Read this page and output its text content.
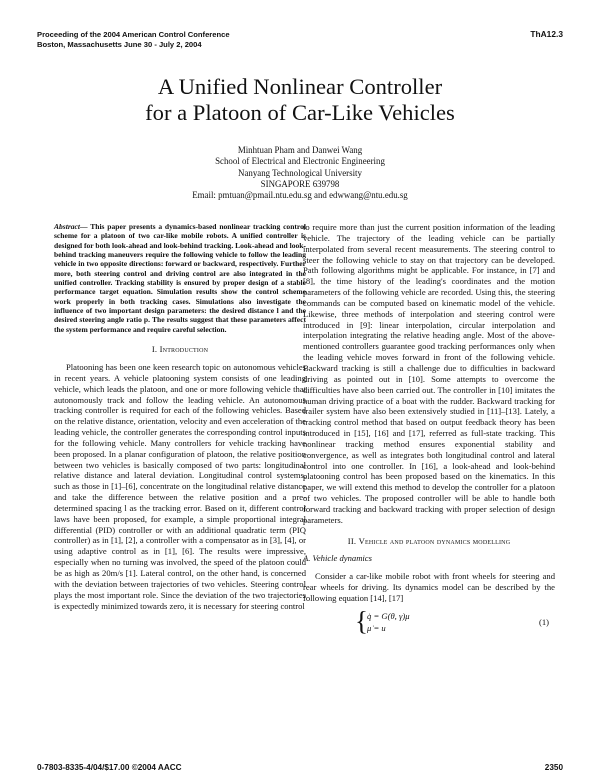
Proceeding of the 2004 American Control Conference
Boston, Massachusetts June 30 - July 2, 2004
ThA12.3
A Unified Nonlinear Controller
for a Platoon of Car-Like Vehicles
Minhtuan Pham and Danwei Wang
School of Electrical and Electronic Engineering
Nanyang Technological University
SINGAPORE 639798
Email: pmtuan@pmail.ntu.edu.sg and edwwang@ntu.edu.sg
Abstract— This paper presents a dynamics-based nonlinear tracking control scheme for a platoon of two car-like mobile robots. A unified controller is designed for both look-ahead and look-behind tracking. Look-ahead and look-behind tracking maneuvers require the following vehicle to follow the leading vehicle in two opposite directions: forward or backward, respectively. Further more, both steering control and driving control are also integrated in the unified controller. Tracking stability is ensured by proper design of a stable performance target equation. Simulation results show the control scheme work properly in both tracking cases. Simulations also investigate the influence of two important design parameters: the desired distance l and the desired steering angle ratio p. The results suggest that these parameters affect the system performance and require careful selection.
I. Introduction

Platooning has been one keen research topic on autonomous vehicles in recent years. A vehicle platooning system consists of one leading vehicle, which leads the platoon, and one or more following vehicle that autonomously track and follow the leading vehicle. An autonomous tracking controller is required for each of the following vehicles. Based on the relative distance, orientation, velocity and even acceleration of the leading vehicle, the controller generates the corresponding control inputs for the following vehicle. Many controllers for vehicle tracking have been proposed. In a planar configuration of platoon, the relative position between two vehicles is basically composed of two parts: longitudinal relative distance and lateral deviation. Longitudinal control systems, such as those in [1]–[6], concentrate on the longitudinal relative distance and take the difference between the relative position and a pre-determined spacing l as the tracking error. Based on it, different control laws have been proposed, for example, a simple proportional integral differential (PID) controller or with an additional quadratic term (PIQ controller) as in [1], [2], a controller with a compensator as in [3], [4], or using adaptive control as in [1], [6]. The results were impressive, especially when no turning was involved, the speed of the platoon could be as high as 20m/s [1]. Lateral control, on the other hand, is concerned with the deviation between trajectories of two vehicles. Steering control plays the most important role. Since the deviation of the two trajectories is expectedly minimized towards zero, it is necessary for steering control

to require more than just the current position information of the leading vehicle. The trajectory of the leading vehicle can be partially interpolated from several recent measurements. The steering control to steer the following vehicle to stay on that trajectory can be developed. Path following algorithms might be applicable. For instance, in [7] and [8], the time history of the leading's coordinates and the motion parameters of the following vehicle are recorded. Using this, the steering commands can be computed based on kinematic model of the vehicle. Likewise, three methods of interpolation and steering control were introduced in [9]: linear interpolation, circular interpolation and interpolation integrating the relative heading angle. Most of the above-mentioned controllers guarantee good tracking performances only when the leading vehicle moves forward in front of the following vehicle. Backward tracking is still a challenge due to difficulties in backward driving as pointed out in [10]. Some attempts to overcome the difficulties have also been carried out. The controller in [10] imitates the human driving practice of a boat with the rudder. Backward tracking for trailer system have also been extensively studied in [11]–[13]. Lately, a tracking control method that based on output feedback theory has been introduced in [15], [16] and [17], referred as full-state tracking. This nonlinear tracking method ensures exponential stability and convergence, as well as integrates both longitudinal control and lateral control into one controller. In [16], a look-ahead and look-behind platooning control has been proposed based on the kinematics. In this paper, we will extend this method to develop the controller for a platoon of two vehicles. The proposed controller will be able to handle both forward tracking and backward tracking with proper selection of design parameters.

II. Vehicle and platoon dynamics modelling
A. Vehicle dynamics

Consider a car-like mobile robot with front wheels for steering and rear wheels for driving. Its dynamics model can be described by the following equation [14], [17]

{ q̇ = G(θ, γ)μ
μ̇ = u
(1)
0-7803-8335-4/04/$17.00 ©2004 AACC	2350
